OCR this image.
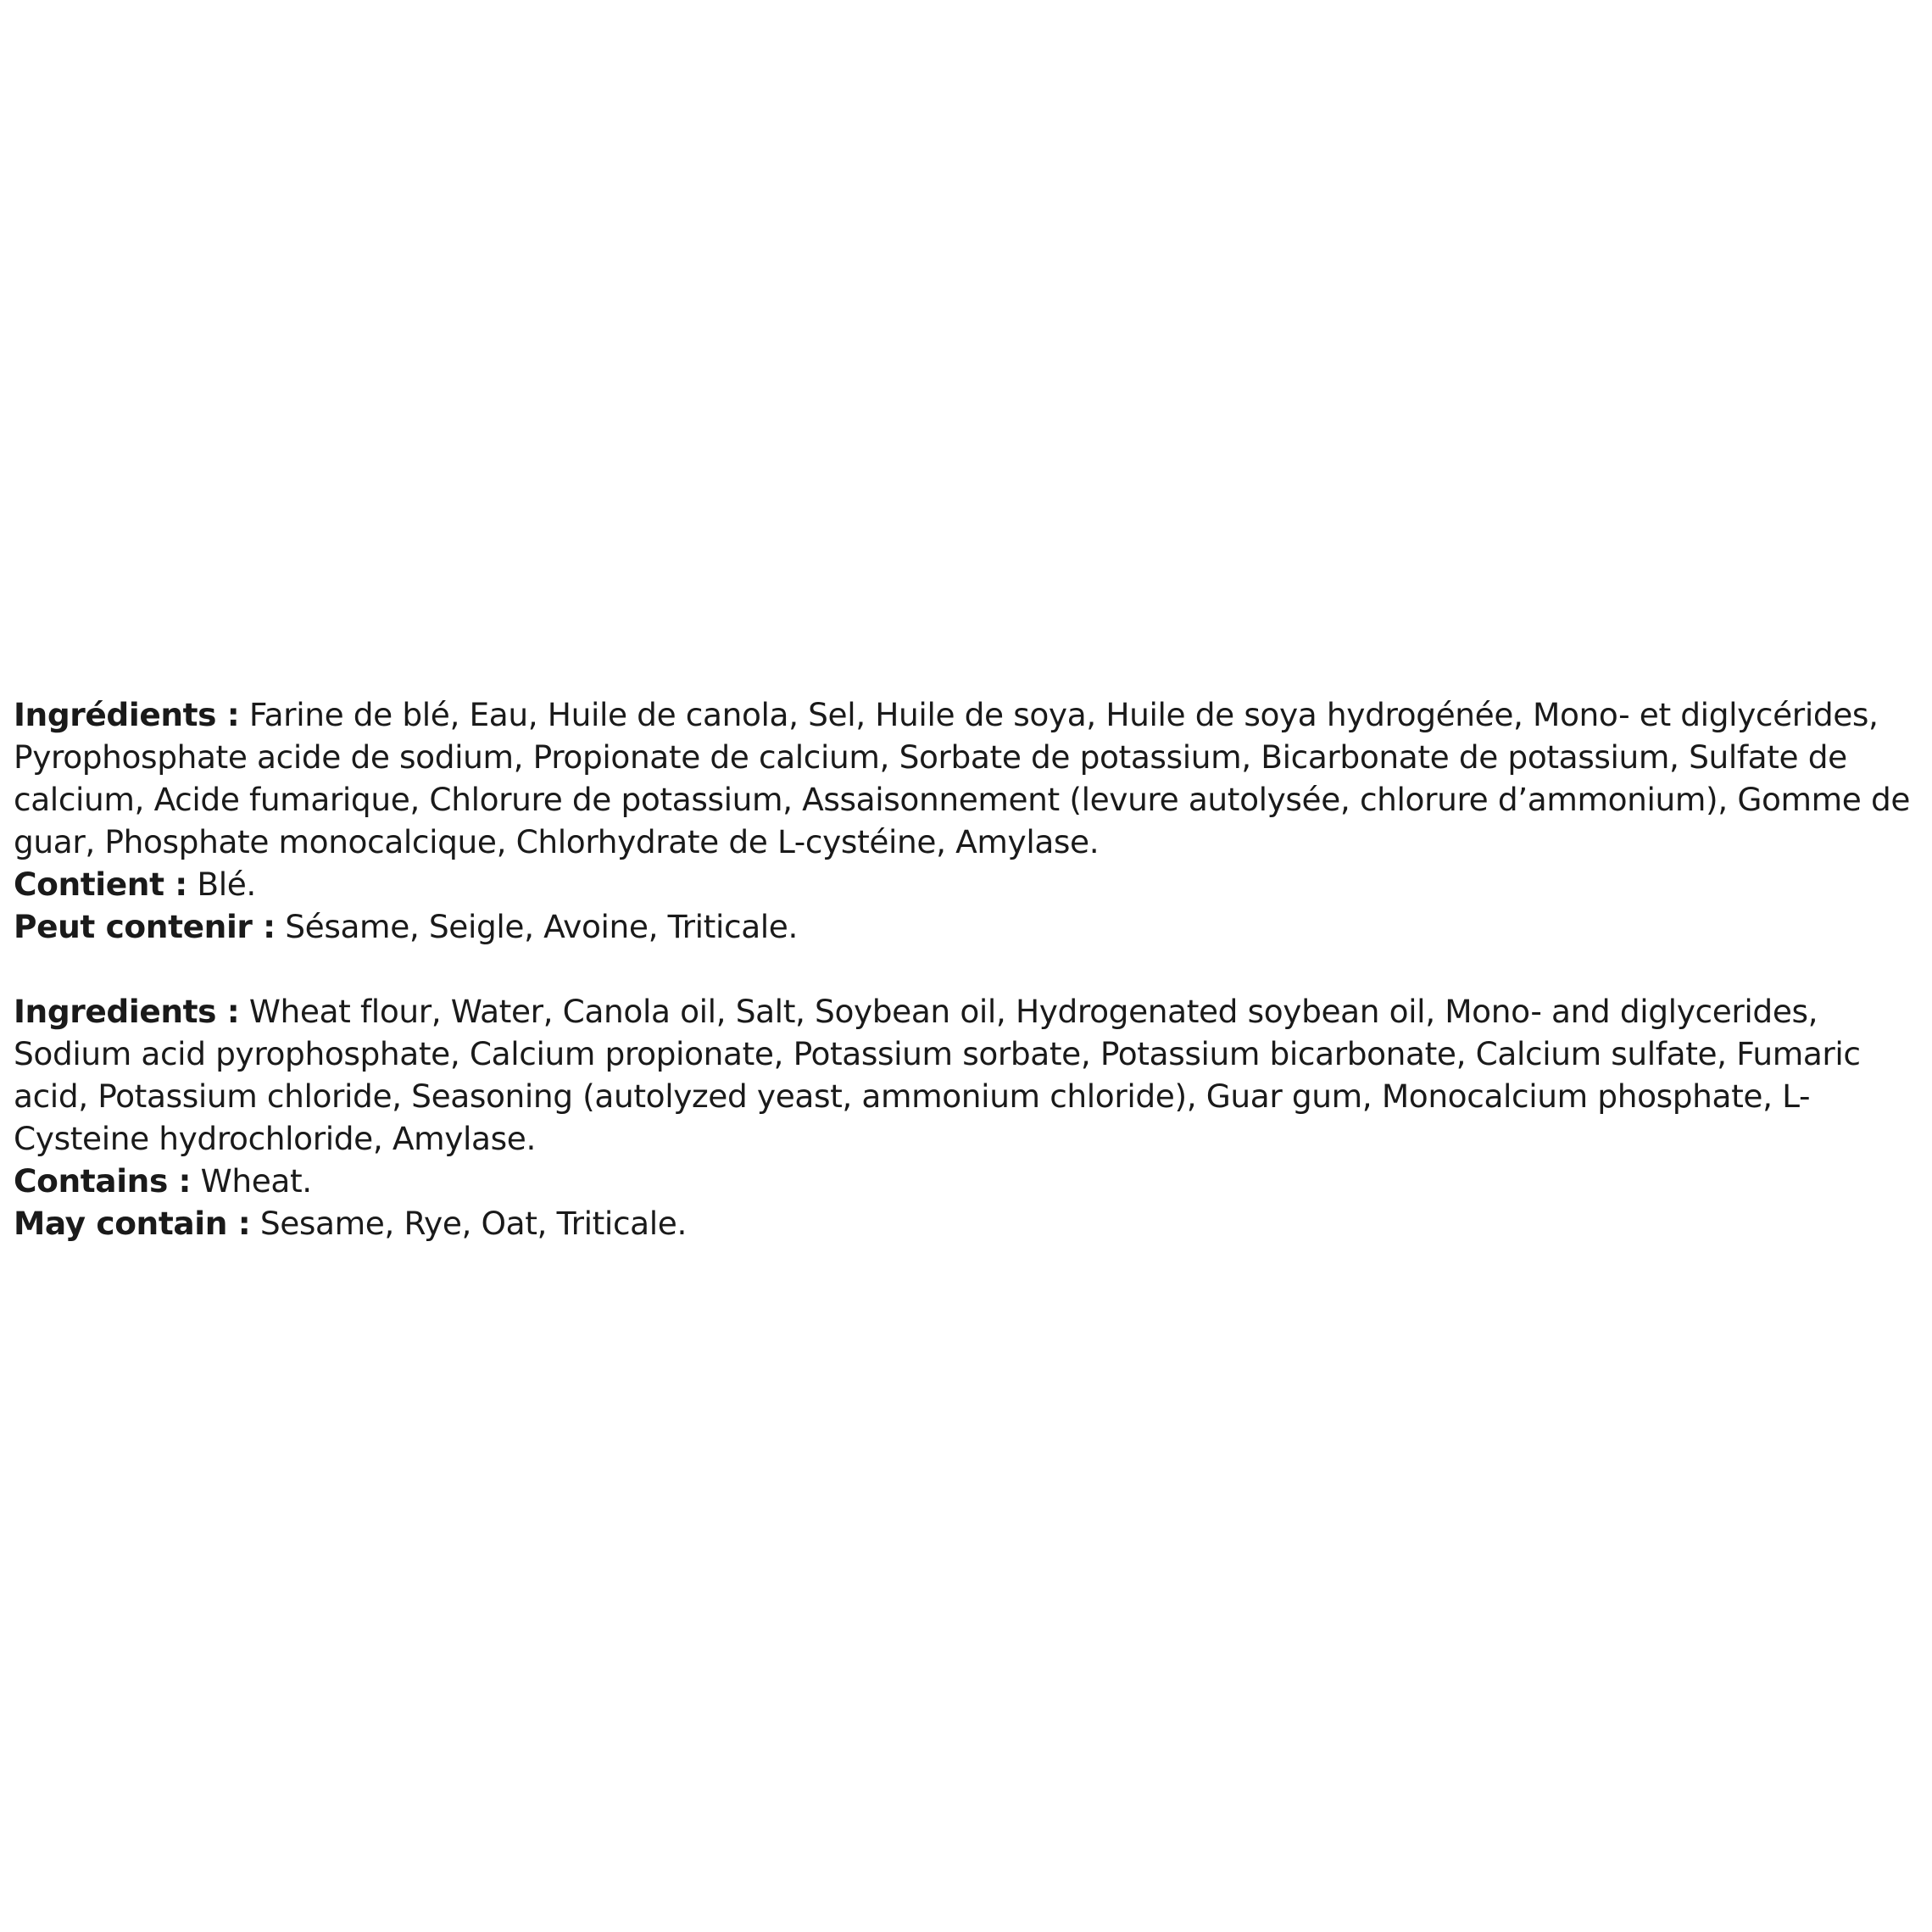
Ingrédients : Farine de blé, Eau, Huile de canola, Sel, Huile de soya, Huile de soya hydrogénée, Mono- et diglycérides, Pyrophosphate acide de sodium, Propionate de calcium, Sorbate de potassium, Bicarbonate de potassium, Sulfate de calcium, Acide fumarique, Chlorure de potassium, Assaisonnement (levure autolysée, chlorure d’ammonium), Gomme de guar, Phosphate monocalcique, Chlorhydrate de L-cystéine, Amylase.

Contient : Blé.

Peut contenir : Sésame, Seigle, Avoine, Triticale.

Ingredients : Wheat flour, Water, Canola oil, Salt, Soybean oil, Hydrogenated soybean oil, Mono- and diglycerides, Sodium acid pyrophosphate, Calcium propionate, Potassium sorbate, Potassium bicarbonate, Calcium sulfate, Fumaric acid, Potassium chloride, Seasoning (autolyzed yeast, ammonium chloride), Guar gum, Monocalcium phosphate, L-Cysteine hydrochloride, Amylase.

Contains : Wheat.

May contain : Sesame, Rye, Oat, Triticale.
